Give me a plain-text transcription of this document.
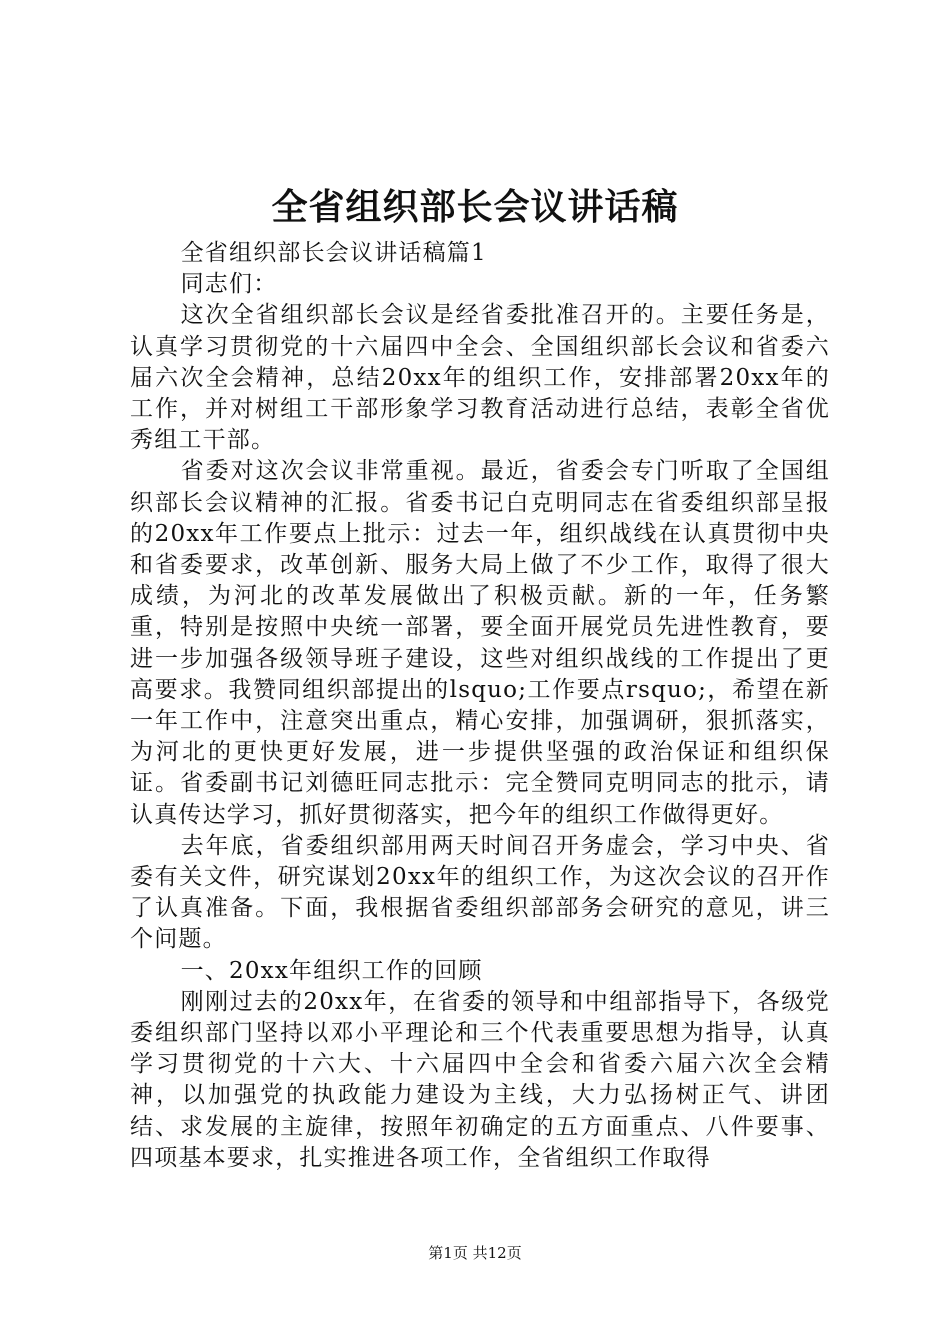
全省组织部长会议讲话稿

全省组织部长会议讲话稿篇1

同志们：

这次全省组织部长会议是经省委批准召开的。主要任务是，认真学习贯彻党的十六届四中全会、全国组织部长会议和省委六届六次全会精神，总结20xx年的组织工作，安排部署20xx年的工作，并对树组工干部形象学习教育活动进行总结，表彰全省优秀组工干部。

省委对这次会议非常重视。最近，省委会专门听取了全国组织部长会议精神的汇报。省委书记白克明同志在省委组织部呈报的20xx年工作要点上批示：过去一年，组织战线在认真贯彻中央和省委要求，改革创新、服务大局上做了不少工作，取得了很大成绩，为河北的改革发展做出了积极贡献。新的一年，任务繁重，特别是按照中央统一部署，要全面开展党员先进性教育，要进一步加强各级领导班子建设，这些对组织战线的工作提出了更高要求。我赞同组织部提出的lsquo;工作要点rsquo;，希望在新一年工作中，注意突出重点，精心安排，加强调研，狠抓落实，为河北的更快更好发展，进一步提供坚强的政治保证和组织保证。省委副书记刘德旺同志批示：完全赞同克明同志的批示，请认真传达学习，抓好贯彻落实，把今年的组织工作做得更好。

去年底，省委组织部用两天时间召开务虚会，学习中央、省委有关文件，研究谋划20xx年的组织工作，为这次会议的召开作了认真准备。下面，我根据省委组织部部务会研究的意见，讲三个问题。

一、20xx年组织工作的回顾

刚刚过去的20xx年，在省委的领导和中组部指导下，各级党委组织部门坚持以邓小平理论和三个代表重要思想为指导，认真学习贯彻党的十六大、十六届四中全会和省委六届六次全会精神，以加强党的执政能力建设为主线，大力弘扬树正气、讲团结、求发展的主旋律，按照年初确定的五方面重点、八件要事、四项基本要求，扎实推进各项工作，全省组织工作取得

第1页 共12页
